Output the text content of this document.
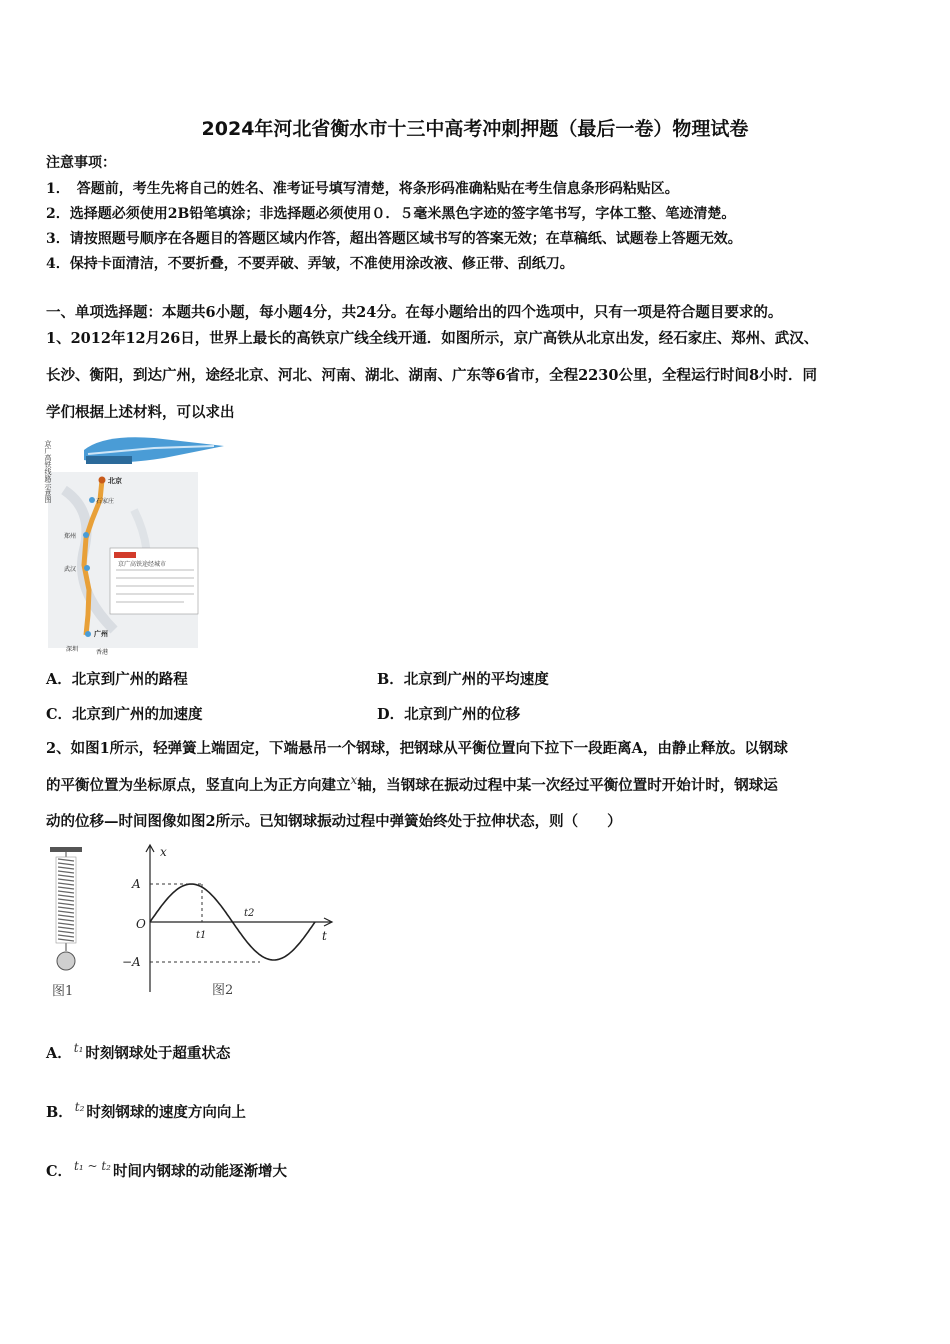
2024年河北省衡水市十三中高考冲刺押题（最后一卷）物理试卷
注意事项：
1．　答题前，考生先将自己的姓名、准考证号填写清楚，将条形码准确粘贴在考生信息条形码粘贴区。
2．选择题必须使用2B铅笔填涂；非选择题必须使用０．５毫米黑色字迹的签字笔书写，字体工整、笔迹清楚。
3．请按照题号顺序在各题目的答题区域内作答，超出答题区域书写的答案无效；在草稿纸、试题卷上答题无效。
4．保持卡面清洁，不要折叠，不要弄破、弄皱，不准使用涂改液、修正带、刮纸刀。
一、单项选择题：本题共6小题，每小题4分，共24分。在每小题给出的四个选项中，只有一项是符合题目要求的。
1、2012年12月26日，世界上最长的高铁京广线全线开通．如图所示，京广高铁从北京出发，经石家庄、郑州、武汉、
长沙、衡阳，到达广州，途经北京、河北、河南、湖北、湖南、广东等6省市，全程2230公里，全程运行时间8小时．同
学们根据上述材料，可以求出
京广高铁途经城市
京广高铁线路示意图	北京
石家庄
郑州
武汉
广州
深圳	香港
A．北京到广州的路程	B．北京到广州的平均速度
C．北京到广州的加速度	D．北京到广州的位移
2、如图1所示，轻弹簧上端固定，下端悬吊一个钢球，把钢球从平衡位置向下拉下一段距离A，由静止释放。以钢球
的平衡位置为坐标原点，竖直向上为正方向建立$^x$轴，当钢球在振动过程中某一次经过平衡位置时开始计时，钢球运
动的位移—时间图像如图2所示。已知钢球振动过程中弹簧始终处于拉伸状态，则（　　）
图1
x
t
O
A
−A
t1
t2
图2
A． $^{t_1}$ 时刻钢球处于超重状态
B． $^{t_2}$ 时刻钢球的速度方向向上
C． $^{t_1 \sim t_2}$ 时间内钢球的动能逐渐增大
